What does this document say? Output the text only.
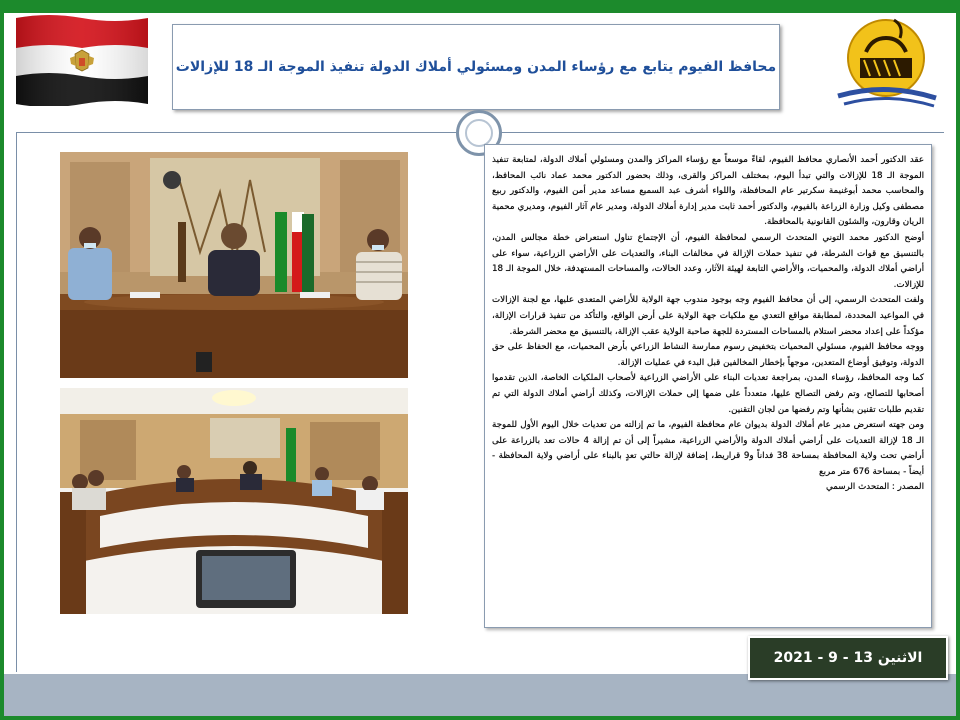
محافظ الفيوم يتابع مع رؤساء المدن ومسئولي أملاك الدولة تنفيذ الموجة الـ 18 للإزالات

عقد الدكتور أحمد الأنصاري محافظ الفيوم، لقاءً موسعاً مع رؤساء المراكز والمدن ومسئولي أملاك الدولة، لمتابعة تنفيذ الموجة الـ 18 للإزالات والتي تبدأ اليوم، بمختلف المراكز والقرى، وذلك بحضور الدكتور محمد عماد نائب المحافظ، والمحاسب محمد أبوغنيمة سكرتير عام المحافظة، واللواء أشرف عبد السميع مساعد مدير أمن الفيوم، والدكتور ربيع مصطفى وكيل وزارة الزراعة بالفيوم، والدكتور أحمد ثابت مدير إدارة أملاك الدولة، ومدير عام آثار الفيوم، ومديري محمية الريان وقارون، والشئون القانونية بالمحافظة.

أوضح الدكتور محمد التوني المتحدث الرسمي لمحافظة الفيوم، أن الإجتماع تناول استعراض خطة مجالس المدن، بالتنسيق مع قوات الشرطة، في تنفيذ حملات الإزالة في مخالفات البناء، والتعديات على الأراضي الزراعية، سواء على أراضي أملاك الدولة، والمحميات، والأراضي التابعة لهيئة الآثار، وعدد الحالات، والمساحات المستهدفة، خلال الموجة الـ 18 للإزالات.

ولفت المتحدث الرسمي، إلى أن محافظ الفيوم وجه بوجود مندوب جهة الولاية للأراضي المتعدى عليها، مع لجنة الإزالات في المواعيد المحددة، لمطابقة مواقع التعدي مع ملكيات جهة الولاية على أرض الواقع، والتأكد من تنفيذ قرارات الإزالة، مؤكداً على إعداد محضر استلام بالمساحات المستردة للجهة صاحبة الولاية عقب الإزالة، بالتنسيق مع محضر الشرطة.

ووجه محافظ الفيوم، مسئولي المحميات بتخفيض رسوم ممارسة النشاط الزراعي بأرض المحميات، مع الحفاظ على حق الدولة، وتوفيق أوضاع المتعدين، موجهاً بإخطار المخالفين قبل البدء في عمليات الإزالة.

كما وجه المحافظ، رؤساء المدن، بمراجعة تعديات البناء على الأراضي الزراعية لأصحاب الملكيات الخاصة، الذين تقدموا أصحابها للتصالح، وتم رفض التصالح عليها، متعدداً على ضمها إلى حملات الإزالات، وكذلك أراضي أملاك الدولة التي تم تقديم طلبات تقنين بشأنها وتم رفضها من لجان التقنين.

ومن جهته استعرض مدير عام أملاك الدولة بديوان عام محافظة الفيوم، ما تم إزالته من تعديات خلال اليوم الأول للموجة الـ 18 لإزالة التعديات على أراضي أملاك الدولة والأراضي الزراعية، مشيراً إلى أن تم إزالة 4 حالات تعد بالزراعة على أراضي تحت ولاية المحافظة بمساحة 38 فداناً و9 قراريط، إضافة لإزالة حالتي تعدٍ بالبناء على أراضي ولاية المحافظة - أيضاً - بمساحة 676 متر مربع

المصدر : المتحدث الرسمي

الاثنين 13 - 9 - 2021
